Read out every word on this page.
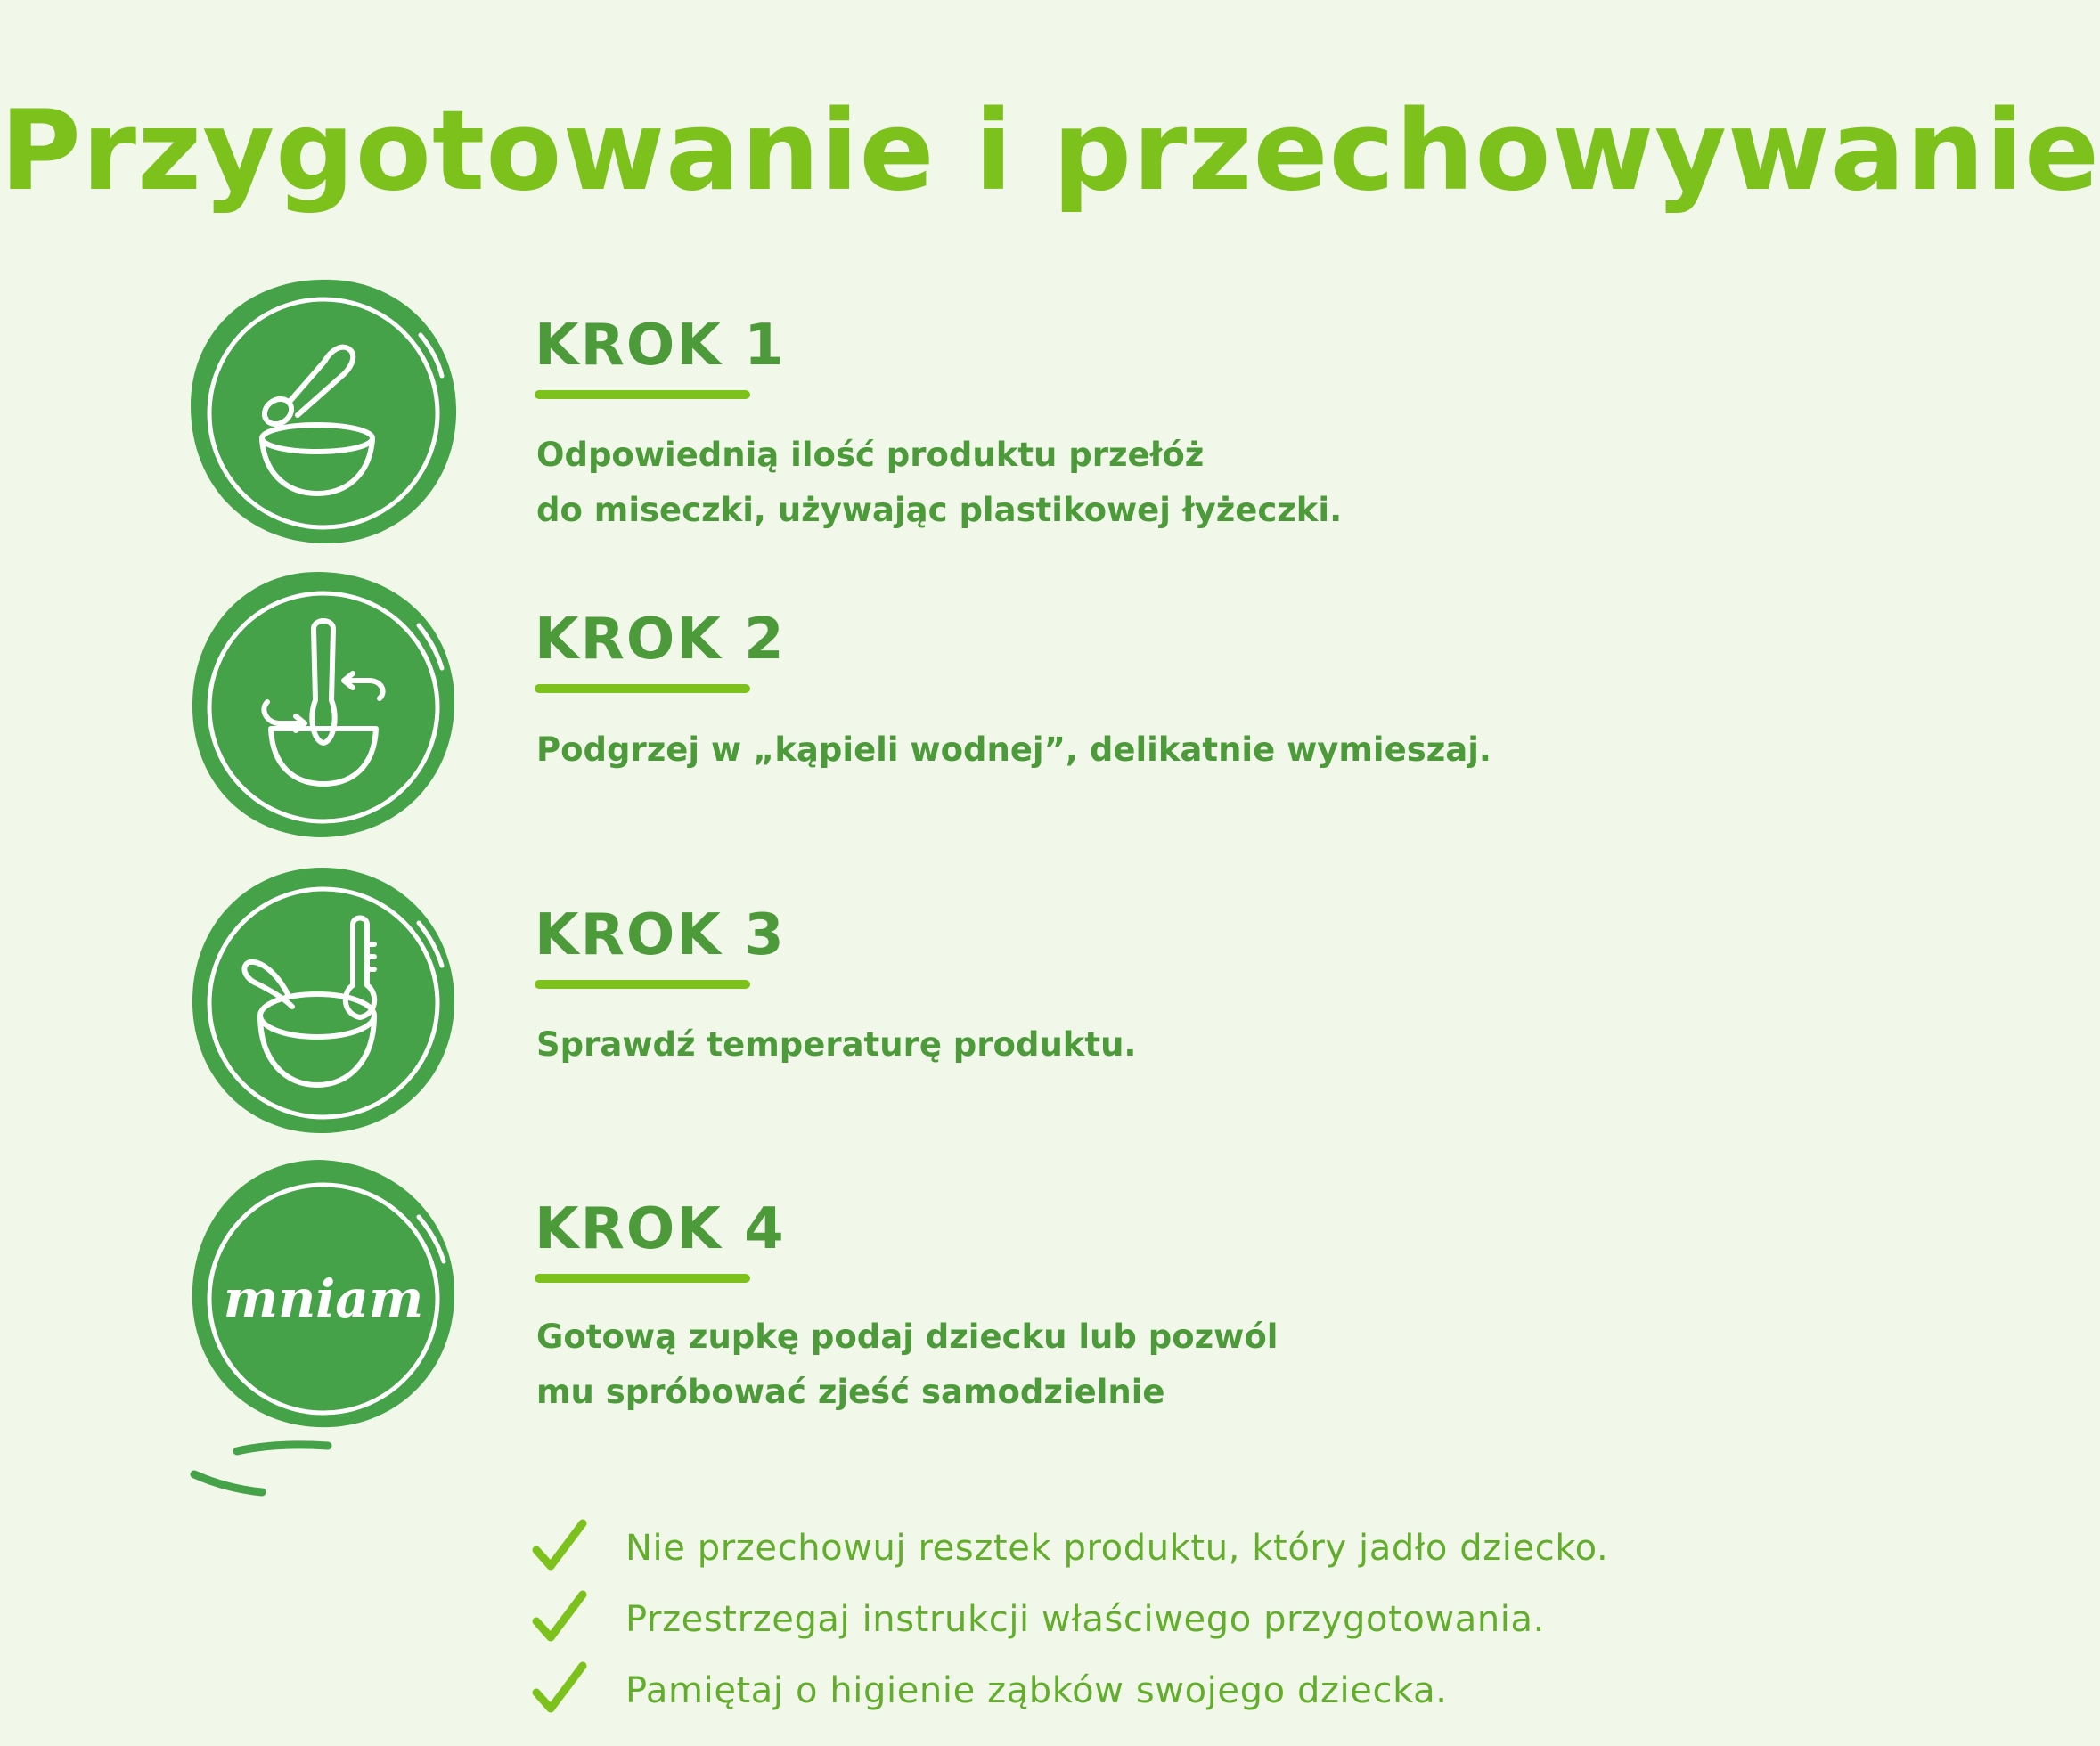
Przygotowanie i przechowywanie
KROK 1
Odpowiednią ilość produktu przełóż
do miseczki, używając plastikowej łyżeczki.
KROK 2
Podgrzej w „kąpieli wodnej”, delikatnie wymieszaj.
KROK 3
Sprawdź temperaturę produktu.
mniam
KROK 4
Gotową zupkę podaj dziecku lub pozwól
mu spróbować zjeść samodzielnie
Nie przechowuj resztek produktu, który jadło dziecko.
Przestrzegaj instrukcji właściwego przygotowania.
Pamiętaj o higienie ząbków swojego dziecka.
